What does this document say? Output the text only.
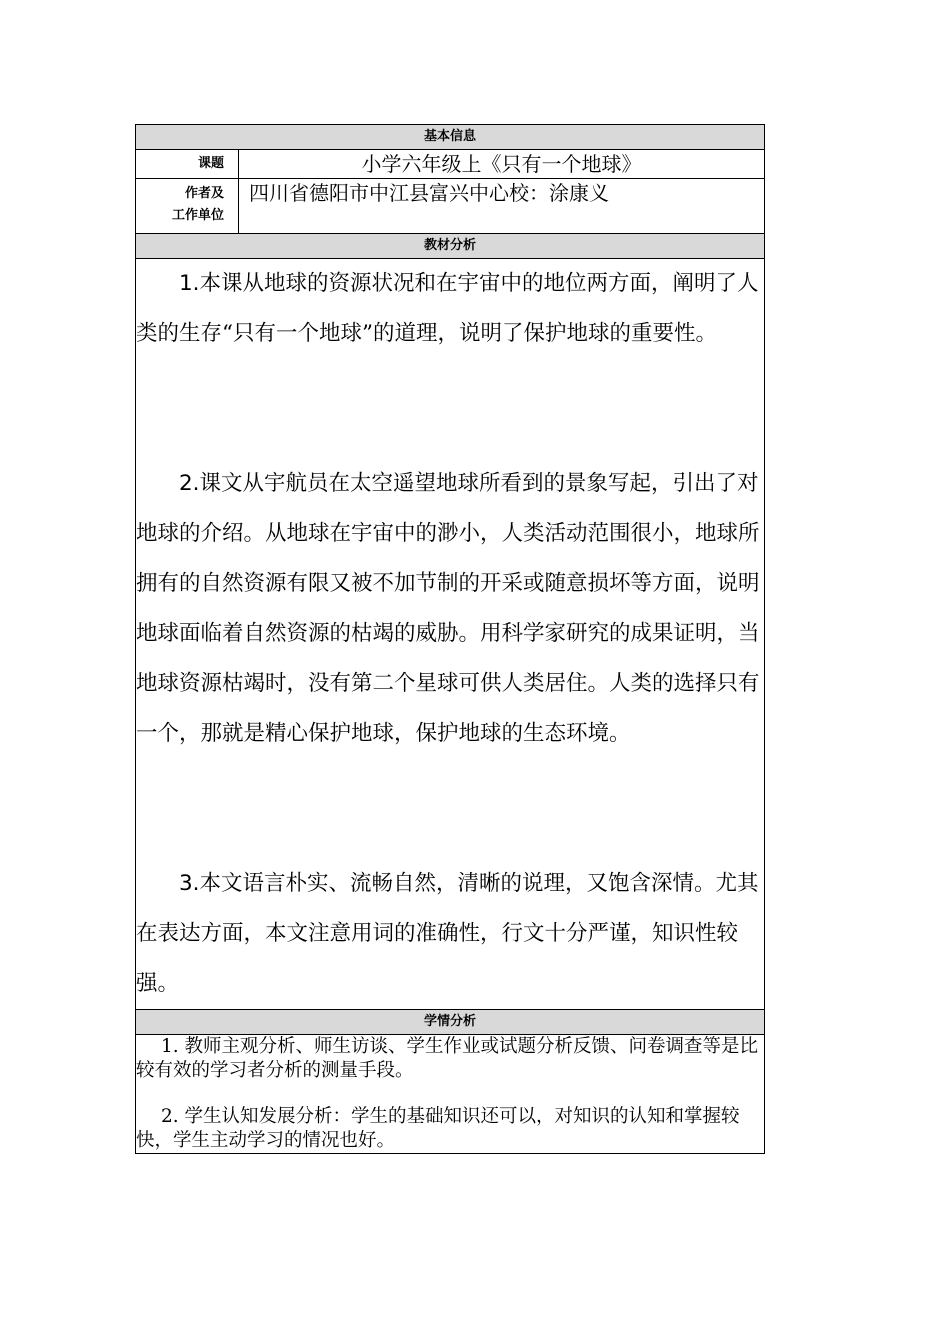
基本信息	
课题	小学六年级上《只有一个地球》

作者及
工作单位	四川省德阳市中江县富兴中心校：涂康义
教材分析	

1.本课从地球的资源状况和在宇宙中的地位两方面，阐明了人类的生存“只有一个地球”的道理，说明了保护地球的重要性。

2.课文从宇航员在太空遥望地球所看到的景象写起，引出了对地球的介绍。从地球在宇宙中的渺小，人类活动范围很小，地球所拥有的自然资源有限又被不加节制的开采或随意损坏等方面，说明地球面临着自然资源的枯竭的威胁。用科学家研究的成果证明，当地球资源枯竭时，没有第二个星球可供人类居住。人类的选择只有一个，那就是精心保护地球，保护地球的生态环境。

3.本文语言朴实、流畅自然，清晰的说理，又饱含深情。尤其在表达方面，本文注意用词的准确性，行文十分严谨，知识性较强。	

学情分析	

1. 教师主观分析、师生访谈、学生作业或试题分析反馈、问卷调查等是比较有效的学习者分析的测量手段。

2. 学生认知发展分析：学生的基础知识还可以，对知识的认知和掌握较快，学生主动学习的情况也好。	
